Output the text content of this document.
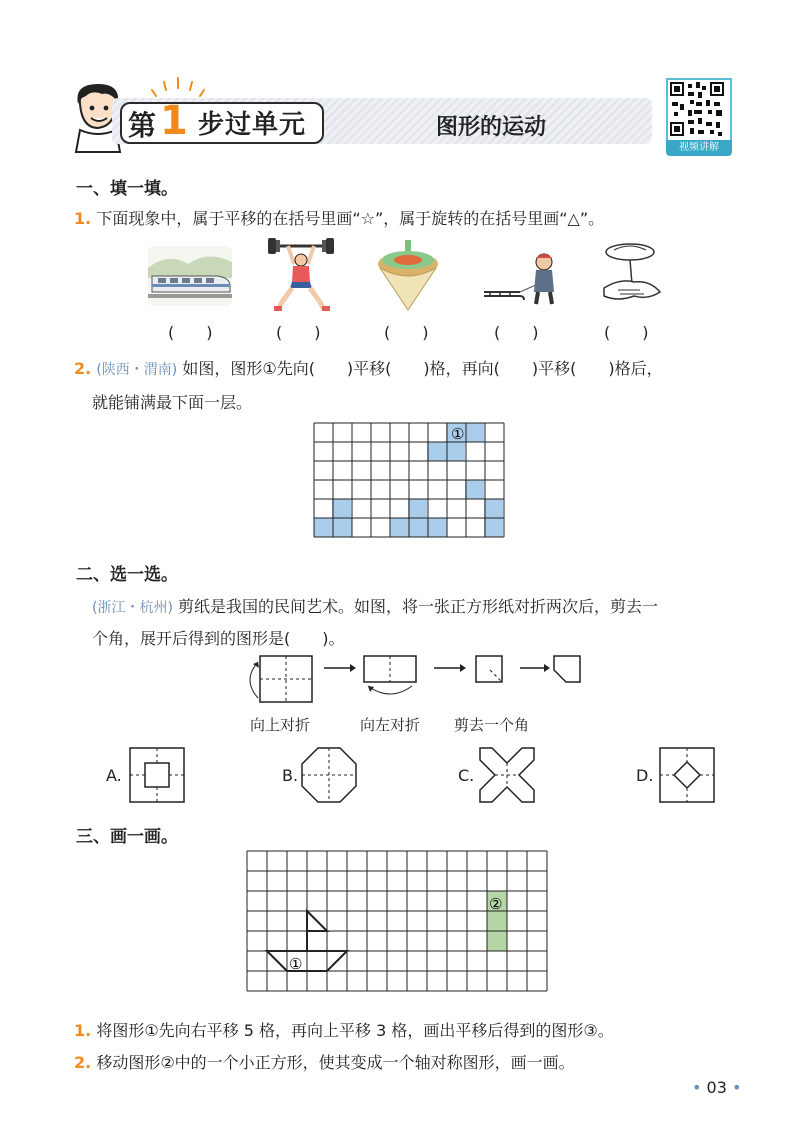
第 1 步过单元	图形的运动
视频讲解
一、填一填。
1. 下面现象中，属于平移的在括号里画“☆”，属于旋转的在括号里画“△”。
(　　)	(　　)	(　　)	(　　)	(　　)
2. (陕西・渭南) 如图，图形①先向(　　)平移(　　)格，再向(　　)平移(　　)格后，
就能铺满最下面一层。
①
二、选一选。
(浙江・杭州) 剪纸是我国的民间艺术。如图，将一张正方形纸对折两次后，剪去一
个角，展开后得到的图形是(　　)。
向上对折	向左对折 剪去一个角
A.	B.	C.	D.
三、画一画。
①
②
1. 将图形①先向右平移 5 格，再向上平移 3 格，画出平移后得到的图形③。
2. 移动图形②中的一个小正方形，使其变成一个轴对称图形，画一画。
• 03 •
